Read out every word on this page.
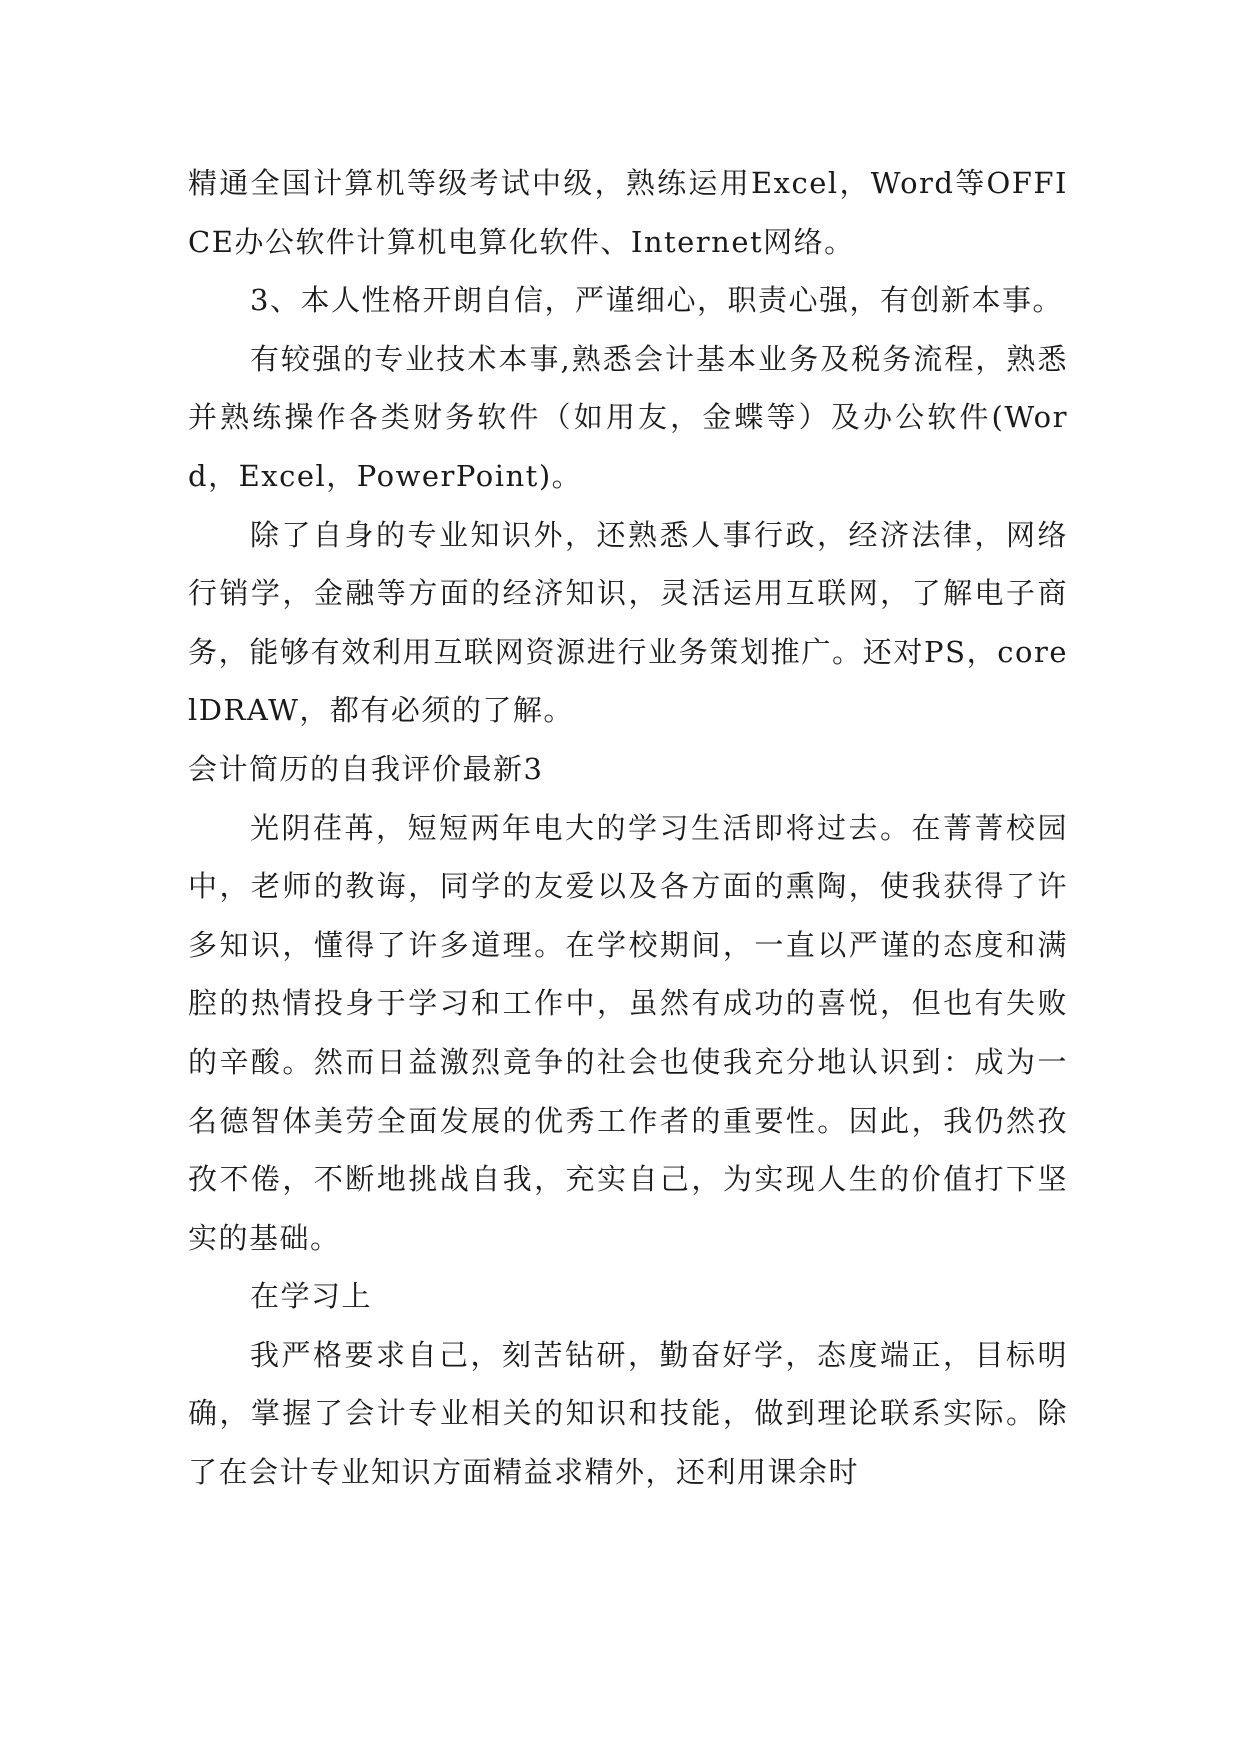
精通全国计算机等级考试中级，熟练运用Excel，Word等OFFICE办公软件计算机电算化软件、Internet网络。

3、本人性格开朗自信，严谨细心，职责心强，有创新本事。

有较强的专业技术本事,熟悉会计基本业务及税务流程，熟悉并熟练操作各类财务软件（如用友，金蝶等）及办公软件(Word，Excel，PowerPoint)。

除了自身的专业知识外，还熟悉人事行政，经济法律，网络行销学，金融等方面的经济知识，灵活运用互联网，了解电子商务，能够有效利用互联网资源进行业务策划推广。还对PS，corelDRAW，都有必须的了解。

会计简历的自我评价最新3

光阴荏苒，短短两年电大的学习生活即将过去。在菁菁校园中，老师的教诲，同学的友爱以及各方面的熏陶，使我获得了许多知识，懂得了许多道理。在学校期间，一直以严谨的态度和满腔的热情投身于学习和工作中，虽然有成功的喜悦，但也有失败的辛酸。然而日益激烈竟争的社会也使我充分地认识到：成为一名德智体美劳全面发展的优秀工作者的重要性。因此，我仍然孜孜不倦，不断地挑战自我，充实自己，为实现人生的价值打下坚实的基础。

在学习上

我严格要求自己，刻苦钻研，勤奋好学，态度端正，目标明确，掌握了会计专业相关的知识和技能，做到理论联系实际。除了在会计专业知识方面精益求精外，还利用课余时
